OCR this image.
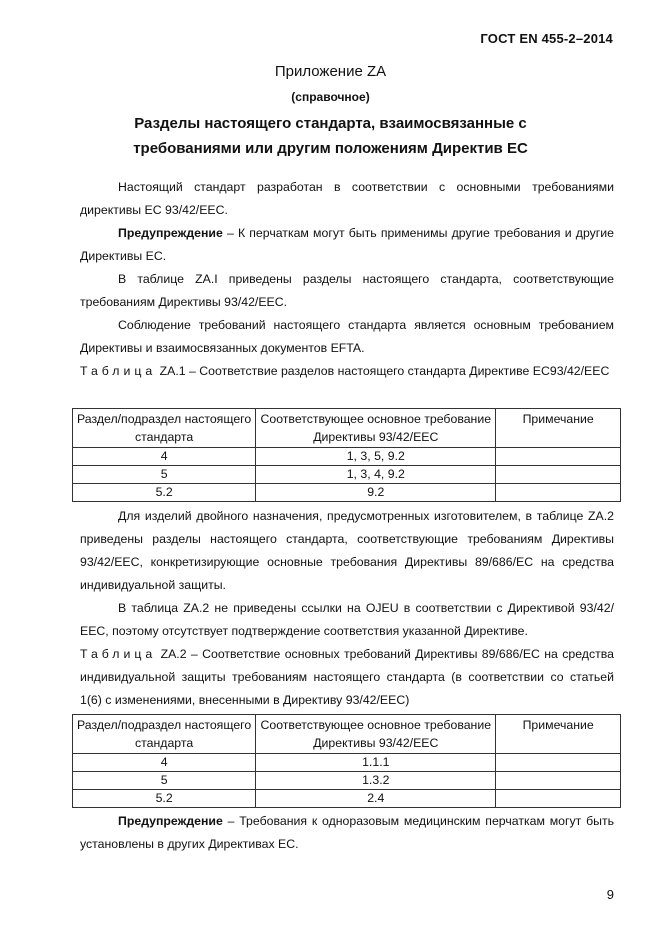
ГОСТ EN 455-2–2014
Приложение ZA
(справочное)
Разделы настоящего стандарта, взаимосвязанные с
требованиями или другим положениям Директив ЕС

Настоящий стандарт разработан в соответствии с основными требованиями директивы ЕС 93/42/ЕЕС.

Предупреждение – К перчаткам могут быть применимы другие требования и другие Директивы ЕС.

В таблице ZA.I приведены разделы настоящего стандарта, соответствующие требованиям Директивы 93/42/ЕЕС.

Соблюдение требований настоящего стандарта является основным требованием Директивы и взаимосвязанных документов EFTA.

Таблица ZA.1 – Соответствие разделов настоящего стандарта Директиве ЕС93/42/ЕЕС

Раздел/подраздел настоящего стандарта	Соответствующее основное требование Директивы 93/42/ЕЕС	Примечание
4	1, 3, 5, 9.2	
5	1, 3, 4, 9.2	
5.2	9.2	

Для изделий двойного назначения, предусмотренных изготовителем, в таблице ZA.2 приведены разделы настоящего стандарта, соответствующие требованиям Директивы 93/42/ЕЕС, конкретизирующие основные требования Директивы 89/686/ЕС на средства индивидуальной защиты.

В таблица ZA.2 не приведены ссылки на OJEU в соответствии с Директивой 93/42/ЕЕС, поэтому отсутствует подтверждение соответствия указанной Директиве.

Таблица ZA.2 – Соответствие основных требований Директивы 89/686/ЕС на средства индивидуальной защиты требованиям настоящего стандарта (в соответствии со статьей 1(6) с изменениями, внесенными в Директиву 93/42/ЕЕС)

Раздел/подраздел настоящего стандарта	Соответствующее основное требование Директивы 93/42/ЕЕС	Примечание
4	1.1.1	
5	1.3.2	
5.2	2.4	

Предупреждение – Требования к одноразовым медицинским перчаткам могут быть установлены в других Директивах ЕС.

9
